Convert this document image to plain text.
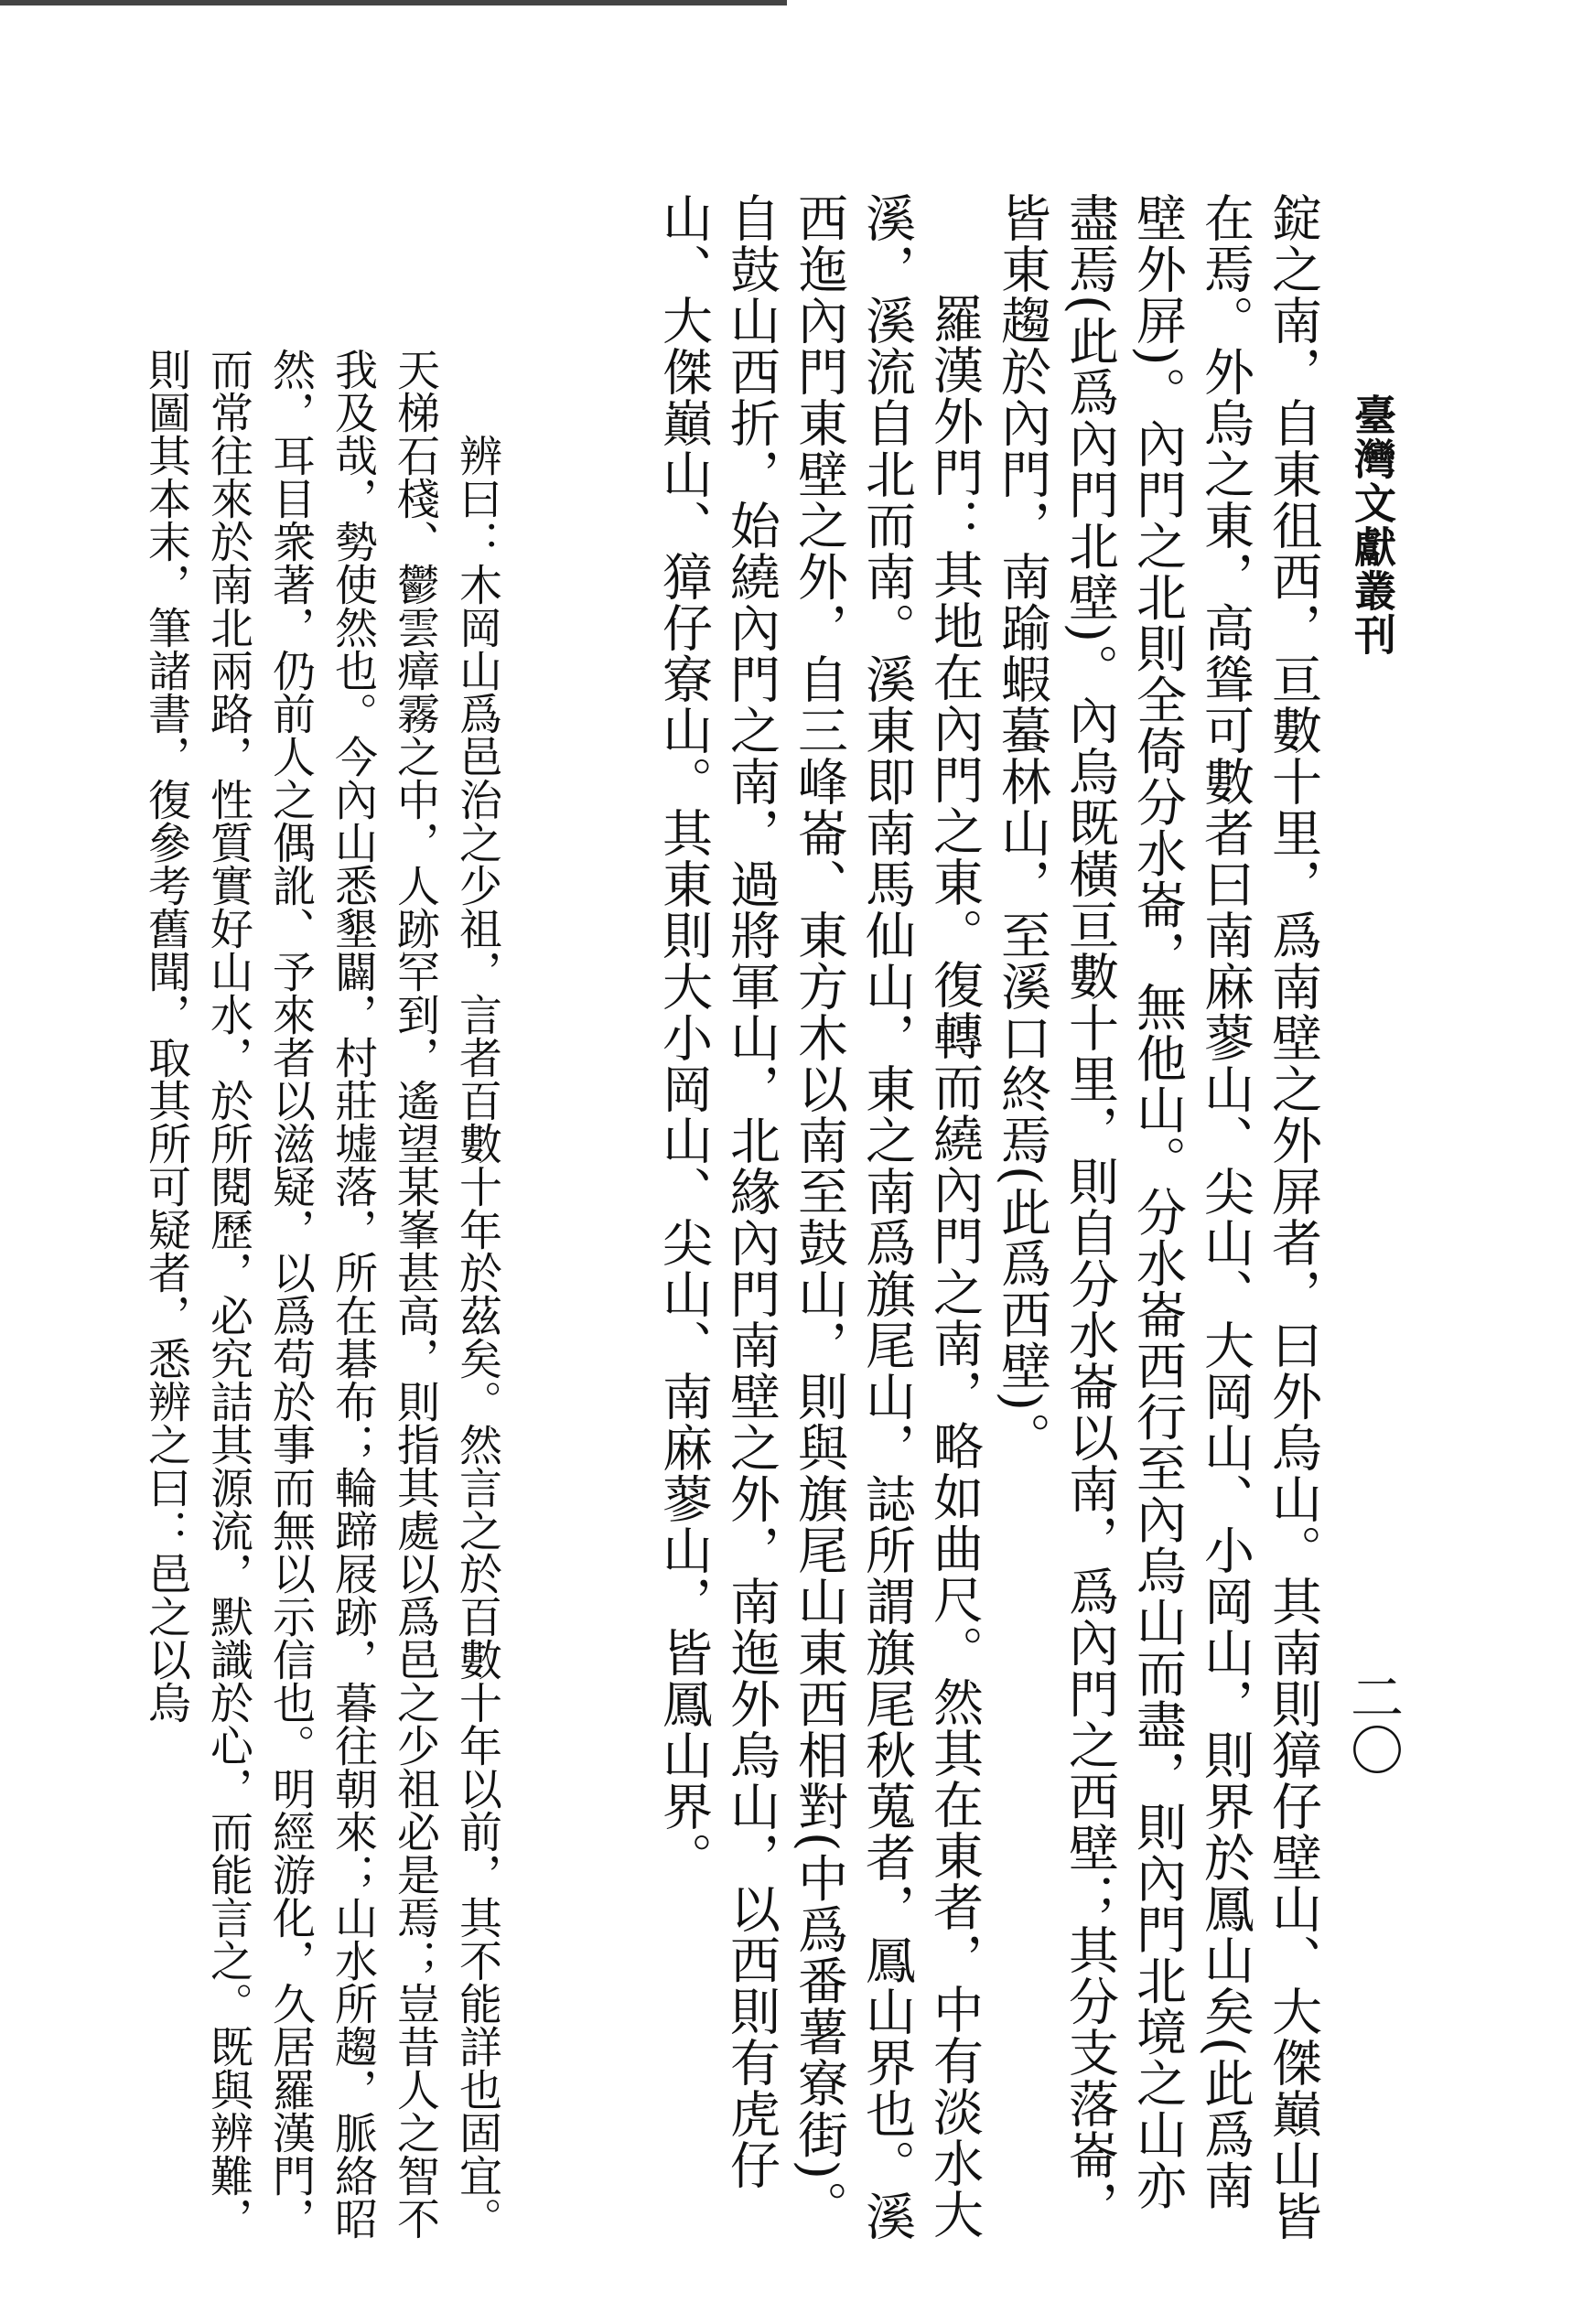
臺灣文獻叢刊
二〇

錠之南，自東徂西，亘數十里，爲南壁之外屏者，曰外烏山。其南則獐仔壁山、大傑巔山皆在焉。外烏之東，高聳可數者曰南麻蓼山、尖山、大岡山、小岡山，則界於鳳山矣(此爲南壁外屏)。內門之北則全倚分水崙，無他山。分水崙西行至內烏山而盡，則內門北境之山亦盡焉(此爲內門北壁)。內烏既橫亘數十里，則自分水崙以南，爲內門之西壁；其分支落崙，皆東趨於內門，南踰蝦蟇林山，至溪口終焉(此爲西壁)。

羅漢外門：其地在內門之東。復轉而繞內門之南，略如曲尺。然其在東者，中有淡水大溪，溪流自北而南。溪東即南馬仙山，東之南爲旗尾山，誌所謂旗尾秋蒐者，鳳山界也。溪西迤內門東壁之外，自三峰崙、東方木以南至鼓山，則與旗尾山東西相對(中爲番薯寮街)。自鼓山西折，始繞內門之南，過將軍山，北緣內門南壁之外，南迤外烏山，以西則有虎仔山、大傑巔山、獐仔寮山。其東則大小岡山、尖山、南麻蓼山，皆鳳山界。

辨曰：木岡山爲邑治之少祖，言者百數十年於茲矣。然言之於百數十年以前，其不能詳也固宜。天梯石棧、鬱雲瘴霧之中，人跡罕到，遙望某峯甚高，則指其處以爲邑之少祖必是焉；豈昔人之智不我及哉，勢使然也。今內山悉墾闢，村莊墟落，所在碁布；輪蹄屐跡，暮往朝來；山水所趨，脈絡昭然，耳目衆著，仍前人之偶訛、予來者以滋疑，以爲苟於事而無以示信也。明經游化，久居羅漢門，而常往來於南北兩路，性質實好山水，於所閱歷，必究詰其源流，默識於心，而能言之。既與辨難，則圖其本末，筆諸書，復參考舊聞，取其所可疑者，悉辨之曰：邑之以烏
